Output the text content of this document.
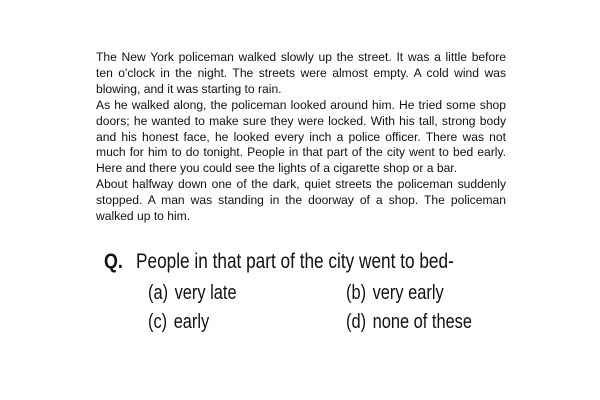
The New York policeman walked slowly up the street. It was a little before ten o'clock in the night. The streets were almost empty. A cold wind was blowing, and it was starting to rain.

As he walked along, the policeman looked around him. He tried some shop doors; he wanted to make sure they were locked. With his tall, strong body and his honest face, he looked every inch a police officer. There was not much for him to do tonight. People in that part of the city went to bed early. Here and there you could see the lights of a cigarette shop or a bar.

About halfway down one of the dark, quiet streets the policeman suddenly stopped. A man was standing in the doorway of a shop. The policeman walked up to him.

Q. People in that part of the city went to bed-
(a) very late	(b) very early
(c) early	(d) none of these
